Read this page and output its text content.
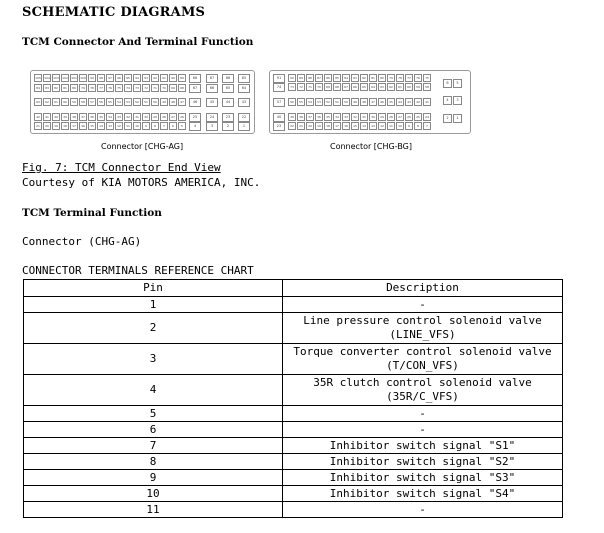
SCHEMATIC DIAGRAMS
TCM Connector And Terminal Function
105	104	103	102	101	100	99	98	97	96	95	94	93	92	91	90	89
84	83	82	81	80	79	78	77	76	75	74	73	72	71	70	69	68
63	62	61	60	59	58	57	56	55	54	53	52	51	50	49	48	47
42	41	40	39	38	37	36	35	34	33	32	31	30	29	28	27	26
21	20	19	18	17	16	15	14	13	12	11	10	9	8	7	6	5
88	87	86	85
67	66	65	64
46	45	44	43
25	24	23	22
4	3	2	1
90	89	88	87	86	85	84	83	82	81	80	79	78	77	76	75
73	72	71	70	69	68	67	66	65	64	63	62	61	60	59	58
56	55	54	53	52	51	50	49	48	47	46	45	44	43	42	41
39	38	37	36	35	34	33	32	31	30	29	28	27	26	25	24
22	21	20	19	18	17	16	15	14	13	12	11	10	9	8	7
91
74
57
40
23
6	5
4	3
2	1
Connector [CHG-AG]	Connector [CHG-BG]
Fig. 7: TCM Connector End View
Courtesy of KIA MOTORS AMERICA, INC.
TCM Terminal Function
Connector (CHG-AG)
CONNECTOR TERMINALS REFERENCE CHART
Pin	Description
1	-

2	Line pressure control solenoid valve
(LINE_VFS)

3	Torque converter control solenoid valve
(T/CON_VFS)

4	35R clutch control solenoid valve
(35R/C_VFS)

5	-

6	-

7	Inhibitor switch signal "S1"

8	Inhibitor switch signal "S2"

9	Inhibitor switch signal "S3"

10	Inhibitor switch signal "S4"

11	-
